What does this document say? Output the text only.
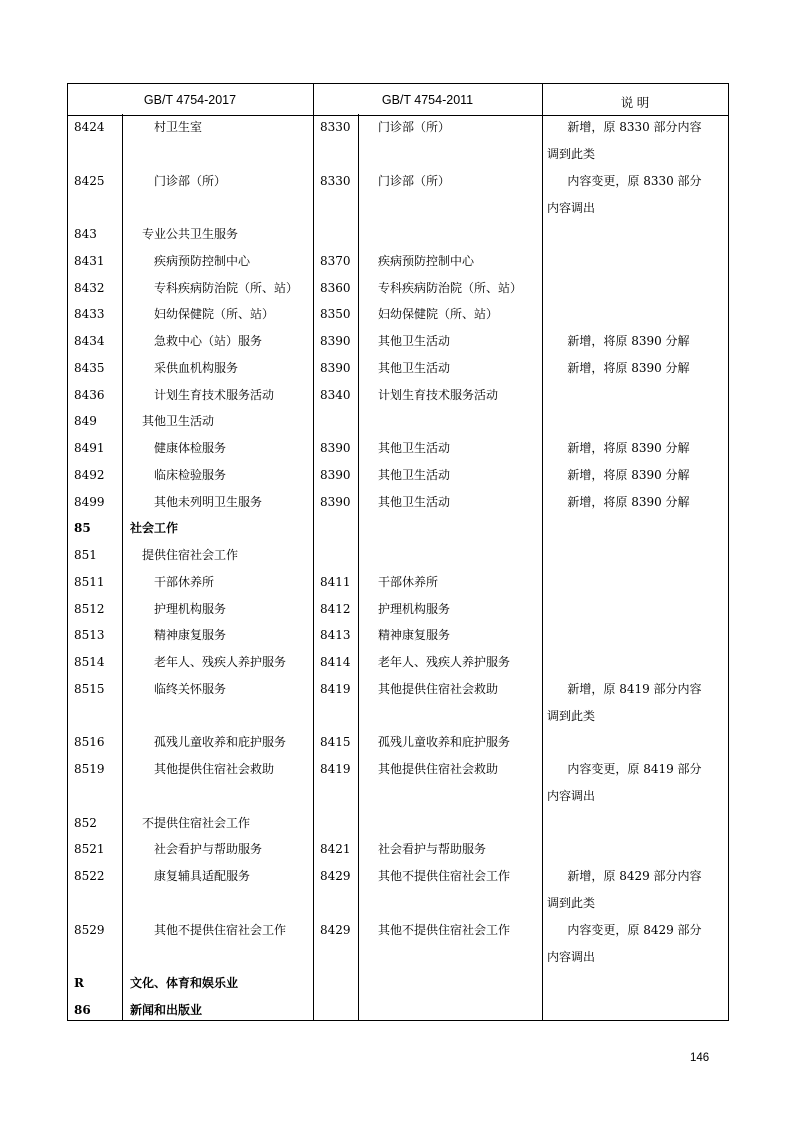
GB/T 4754-2017	GB/T 4754-2011	说 明
8424	村卫生室	8330 门诊部（所）	新增，原 8330 部分内容调到此类
8425	门诊部（所）	8330 门诊部（所）	内容变更，原 8330 部分内容调出
843	专业公共卫生服务
8431	疾病预防控制中心	8370 疾病预防控制中心
8432	专科疾病防治院（所、站） 8360 专科疾病防治院（所、站）
8433	妇幼保健院（所、站）	8350 妇幼保健院（所、站）
8434	急救中心（站）服务	8390 其他卫生活动	新增，将原 8390 分解
8435	采供血机构服务	8390 其他卫生活动	新增，将原 8390 分解
8436	计划生育技术服务活动	8340 计划生育技术服务活动
849	其他卫生活动
8491	健康体检服务	8390 其他卫生活动	新增，将原 8390 分解
8492	临床检验服务	8390 其他卫生活动	新增，将原 8390 分解
8499	其他未列明卫生服务	8390 其他卫生活动	新增，将原 8390 分解
85	社会工作
851	提供住宿社会工作
8511	干部休养所	8411 干部休养所
8512	护理机构服务	8412 护理机构服务
8513	精神康复服务	8413 精神康复服务
8514	老年人、残疾人养护服务	8414 老年人、残疾人养护服务
8515	临终关怀服务	8419 其他提供住宿社会救助	新增，原 8419 部分内容调到此类
8516	孤残儿童收养和庇护服务	8415 孤残儿童收养和庇护服务
8519	其他提供住宿社会救助	8419 其他提供住宿社会救助	内容变更，原 8419 部分内容调出
852	不提供住宿社会工作
8521	社会看护与帮助服务	8421 社会看护与帮助服务
8522	康复辅具适配服务	8429 其他不提供住宿社会工作	新增，原 8429 部分内容调到此类
8529	其他不提供住宿社会工作	8429 其他不提供住宿社会工作	内容变更，原 8429 部分内容调出
R	文化、体育和娱乐业
86	新闻和出版业
146
